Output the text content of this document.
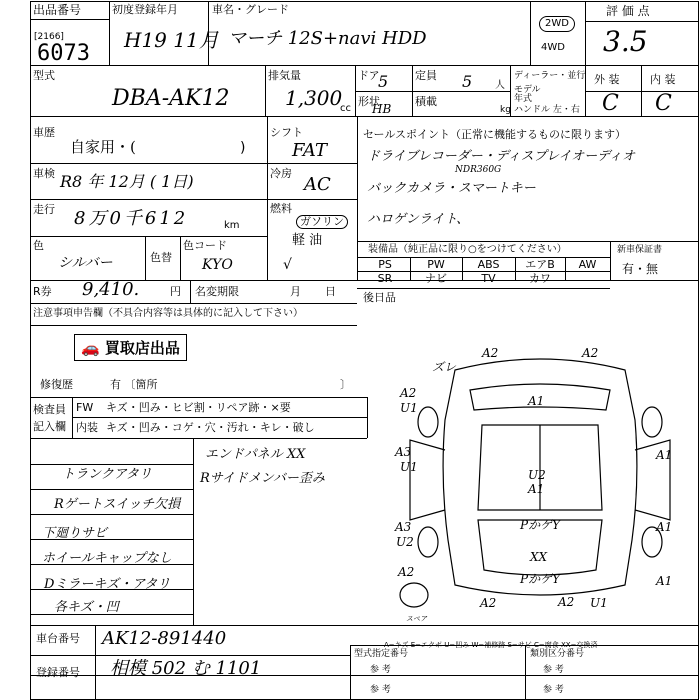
出品番号
[2166]
6073
初度登録年月
H19 11月
車名・グレード
マーチ 12S+navi HDD
2WD
4WD
評 価 点
3.5
型式
DBA-AK12
排気量
1,300
cc
ドア
5 定員 5 人
形状
HB
積載
kg
ディーラー・並行
モデル年式
ハンドル 左・右
外 装	内 装
C C
車歴
自家用・(	)
シフト
FAT
車検 R8 年 12月 ( 1日)	冷房
AC
走行 8万0千612	km
燃料
ガソリン
軽 油
√
色
シルバー	色替
色コード
KYO
セールスポイント（正常に機能するものに限ります）
ドライブレコーダー・ディスプレイオーディオ
NDR360G
バックカメラ・スマートキー
ハロゲンライト、
装備品（純正品に限り○をつけてください）	新車保証書
有・無
PS	PW	ABS	エアB	AW
SR	ナビ	TV	カワ
R券 9,410.	円 名変期限	月 日 後日品
注意事項申告欄（不具合内容等は具体的に記入して下さい）
🚗 買取店出品
修復歴	有 〔箇所	〕
検査員
記入欄
FW キズ・凹み・ヒビ割・リペア跡・×要
内装 キズ・凹み・コゲ・穴・汚れ・キレ・破し
トランクアタリ
Rゲートスイッチ欠損
下廻りサビ
ホイールキャップなし
Dミラーキズ・アタリ
各キズ・凹
エンドパネル XX
Rサイドメンバー歪み
ズレ
A2	A2
A2
U1	A1
A3
U1
U2
A1
A1
PかゲY
A3
U2
A1
XX
PかゲY
A2
A1
A2	A2 U1
スペア
A−キズ E−エクボ U−凹み W−補修跡 S−サビ C−腐食 XX−交換済
車台番号 AK12-891440
登録番号 相模 502 む 1101
型式指定番号	類別区分番号
参 考	参 考
参 考	参 考
